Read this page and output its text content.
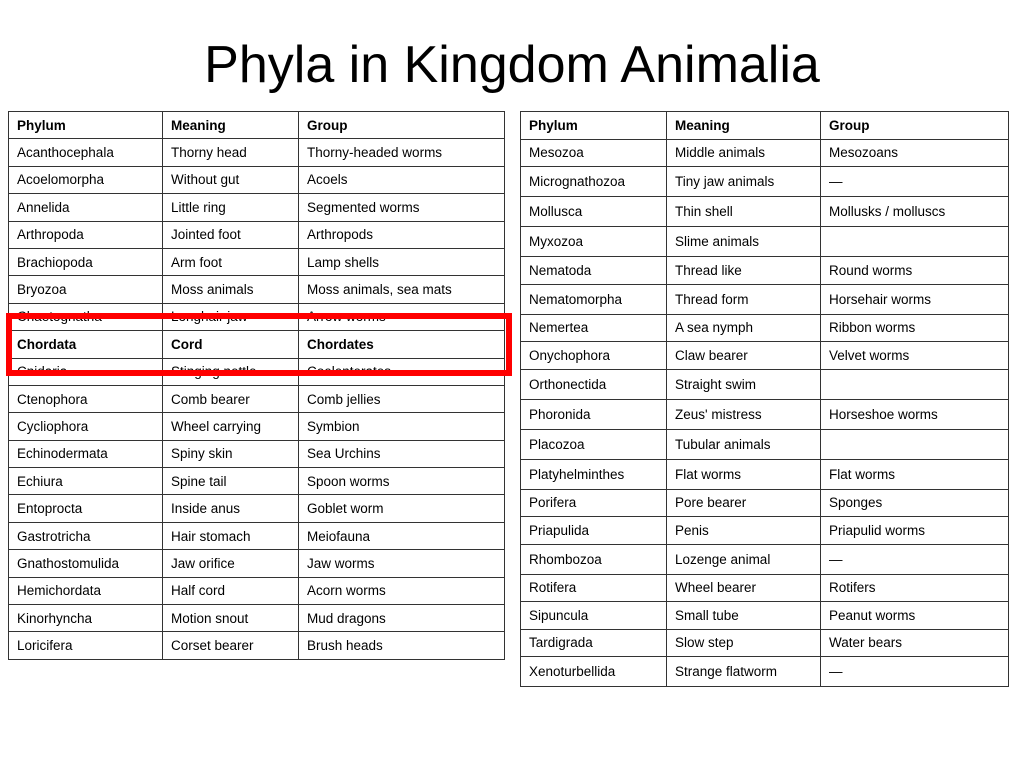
Phyla in Kingdom Animalia
Phylum	Meaning	Group
Acanthocephala	Thorny head	Thorny-headed worms
Acoelomorpha	Without gut	Acoels
Annelida	Little ring	Segmented worms
Arthropoda	Jointed foot	Arthropods
Brachiopoda	Arm foot	Lamp shells
Bryozoa	Moss animals	Moss animals, sea mats
Chaetognatha	Longhair jaw	Arrow worms
Chordata	Cord	Chordates
Cnidaria	Stinging nettle	Coelenterates
Ctenophora	Comb bearer	Comb jellies
Cycliophora	Wheel carrying	Symbion
Echinodermata	Spiny skin	Sea Urchins
Echiura	Spine tail	Spoon worms
Entoprocta	Inside anus	Goblet worm
Gastrotricha	Hair stomach	Meiofauna
Gnathostomulida	Jaw orifice	Jaw worms
Hemichordata	Half cord	Acorn worms
Kinorhyncha	Motion snout	Mud dragons
Loricifera	Corset bearer	Brush heads
Phylum	Meaning	Group
Mesozoa	Middle animals	Mesozoans
Micrognathozoa	Tiny jaw animals	—
Mollusca	Thin shell	Mollusks / molluscs
Myxozoa	Slime animals	
Nematoda	Thread like	Round worms
Nematomorpha	Thread form	Horsehair worms
Nemertea	A sea nymph	Ribbon worms
Onychophora	Claw bearer	Velvet worms
Orthonectida	Straight swim	
Phoronida	Zeus' mistress	Horseshoe worms
Placozoa	Tubular animals	
Platyhelminthes	Flat worms	Flat worms
Porifera	Pore bearer	Sponges
Priapulida	Penis	Priapulid worms
Rhombozoa	Lozenge animal	—
Rotifera	Wheel bearer	Rotifers
Sipuncula	Small tube	Peanut worms
Tardigrada	Slow step	Water bears
Xenoturbellida	Strange flatworm	—
